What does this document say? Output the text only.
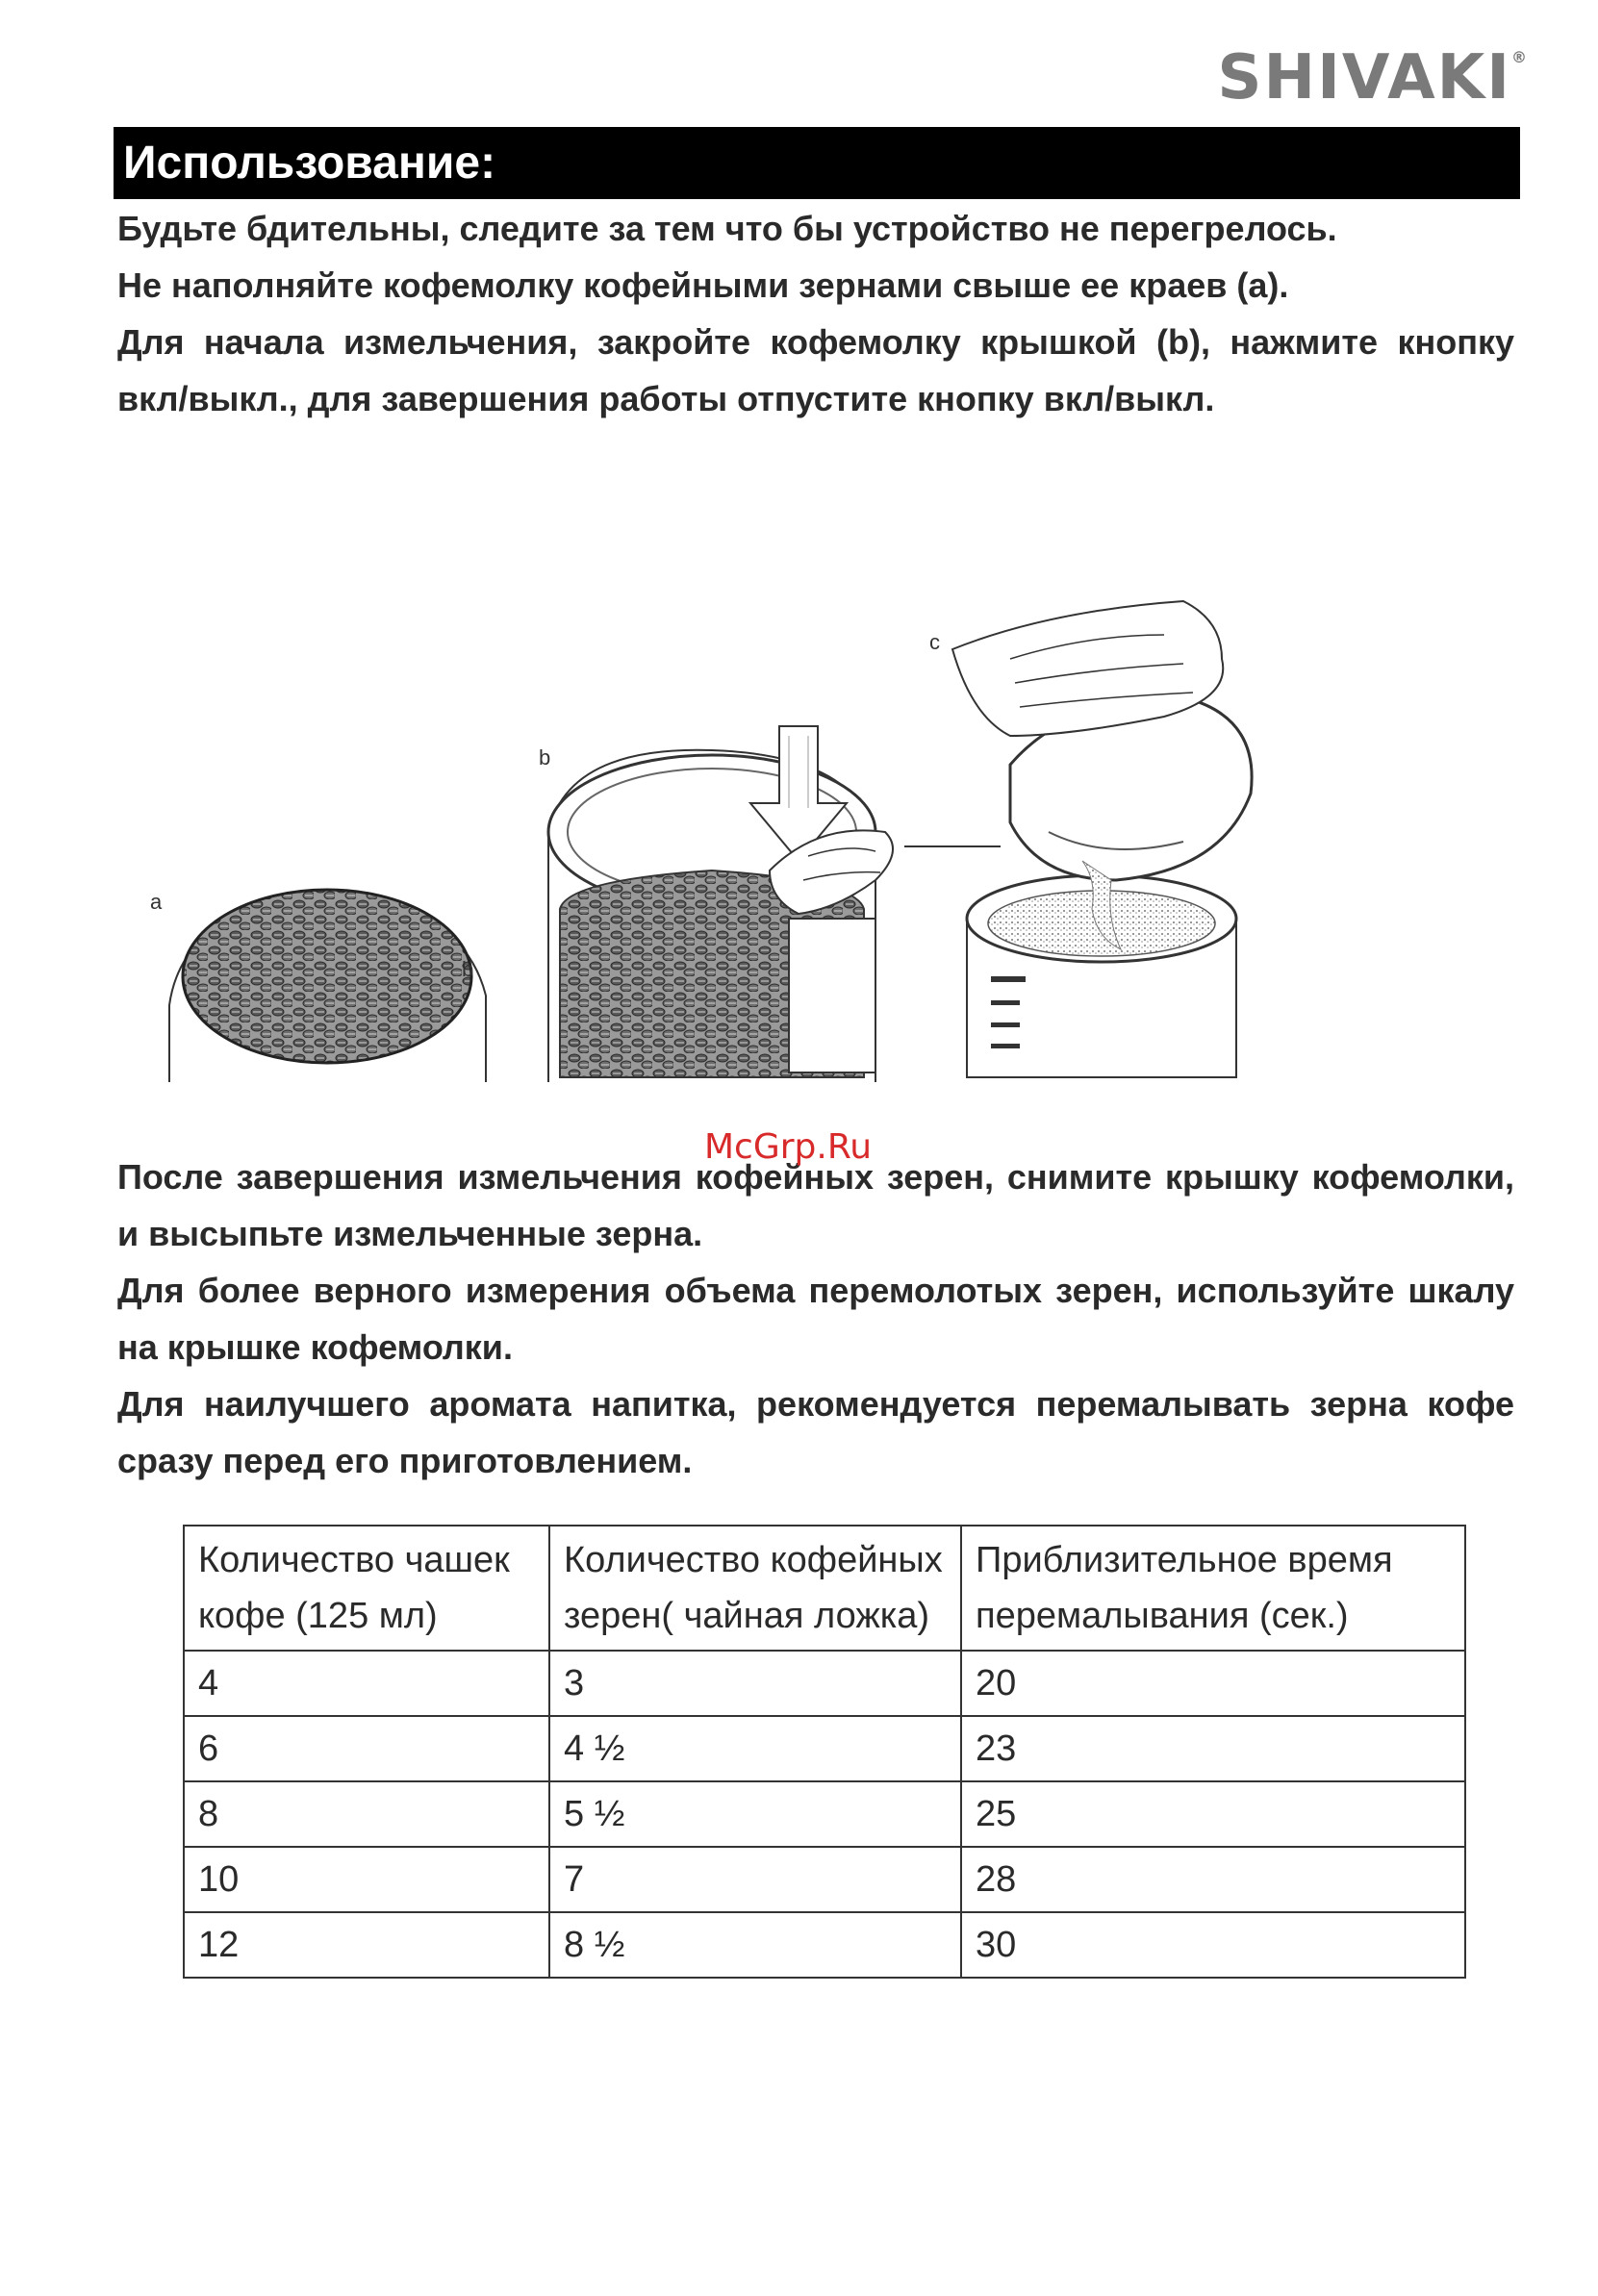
SHIVAKI®
Использование:

Будьте бдительны, следите за тем что бы устройство не перегрелось.

Не наполняйте кофемолку кофейными зернами свыше ее краев (а).

Для начала измельчения, закройте кофемолку крышкой (b), нажмите кнопку вкл/выкл., для завершения работы отпустите кнопку вкл/выкл.

a
b
b
c

После завершения измельчения кофейных зерен, снимите крышку кофемолки, и высыпьте измельченные зерна.

Для более верного измерения объема перемолотых зерен, используйте шкалу на крышке кофемолки.

Для наилучшего аромата напитка, рекомендуется перемалывать зерна кофе сразу перед его приготовлением.

McGrp.Ru
Количество чашек кофе (125 мл)	Количество кофейных зерен( чайная ложка)	Приблизительное время перемалывания (сек.)
4	3	20
6	4 ½	23
8	5 ½	25
10	7	28
12	8 ½	30
